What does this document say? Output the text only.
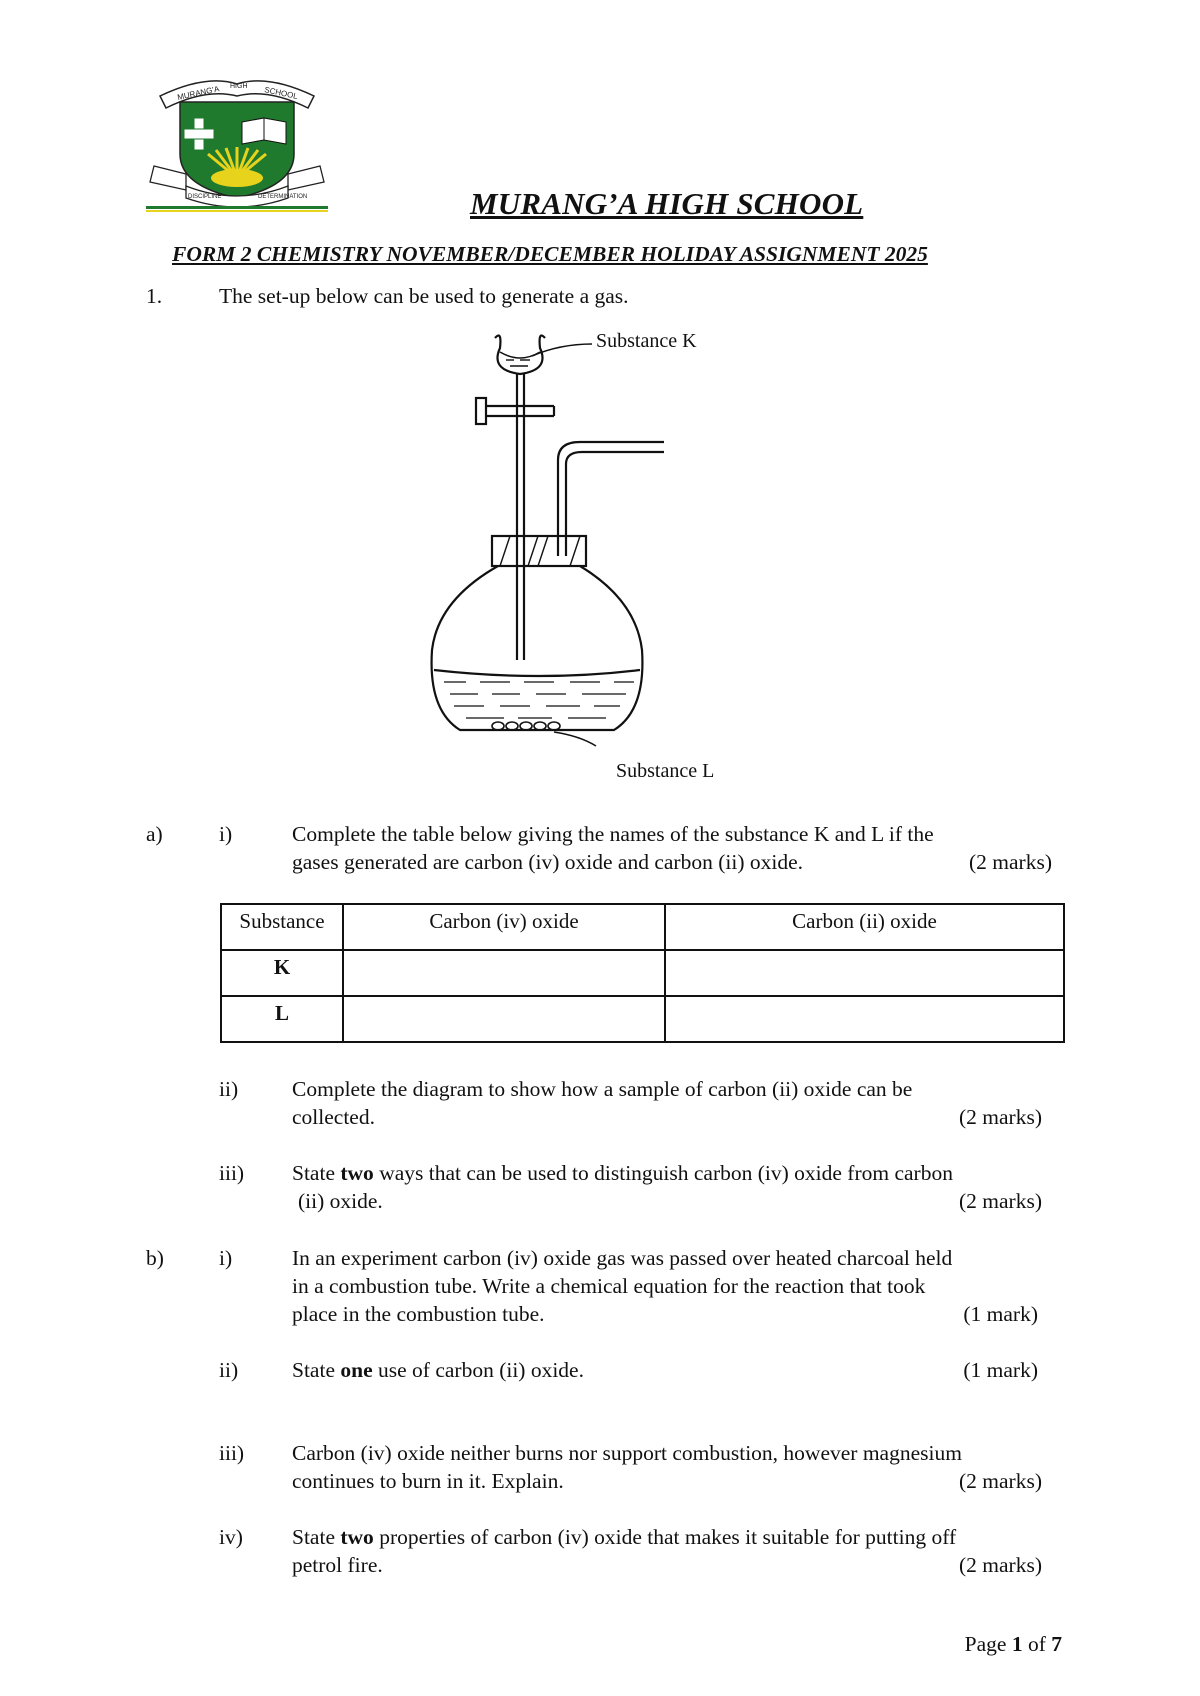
MURANG’A HIGH SCHOOL
DISCIPLINE	DETERMINATION	MURANG’A HIGH SCHOOL
FORM 2 CHEMISTRY NOVEMBER/DECEMBER HOLIDAY ASSIGNMENT 2025
1.	The set-up below can be used to generate a gas.
Substance K
Substance L
a)	i)	Complete the table below giving the names of the substance K and L if the
gases generated are carbon (iv) oxide and carbon (ii) oxide.	(2 marks)
Substance	Carbon (iv) oxide	Carbon (ii) oxide
K		
L		
ii)	Complete the diagram to show how a sample of carbon (ii) oxide can be
collected.	(2 marks)
iii) State two ways that can be used to distinguish carbon (iv) oxide from carbon
(ii) oxide.	(2 marks)
b)	i)	In an experiment carbon (iv) oxide gas was passed over heated charcoal held
in a combustion tube. Write a chemical equation for the reaction that took
place in the combustion tube.	(1 mark)
ii)	State one use of carbon (ii) oxide.	(1 mark)
iii) Carbon (iv) oxide neither burns nor support combustion, however magnesium
continues to burn in it. Explain.	(2 marks)
iv) State two properties of carbon (iv) oxide that makes it suitable for putting off
petrol fire.	(2 marks)
Page 1 of 7
